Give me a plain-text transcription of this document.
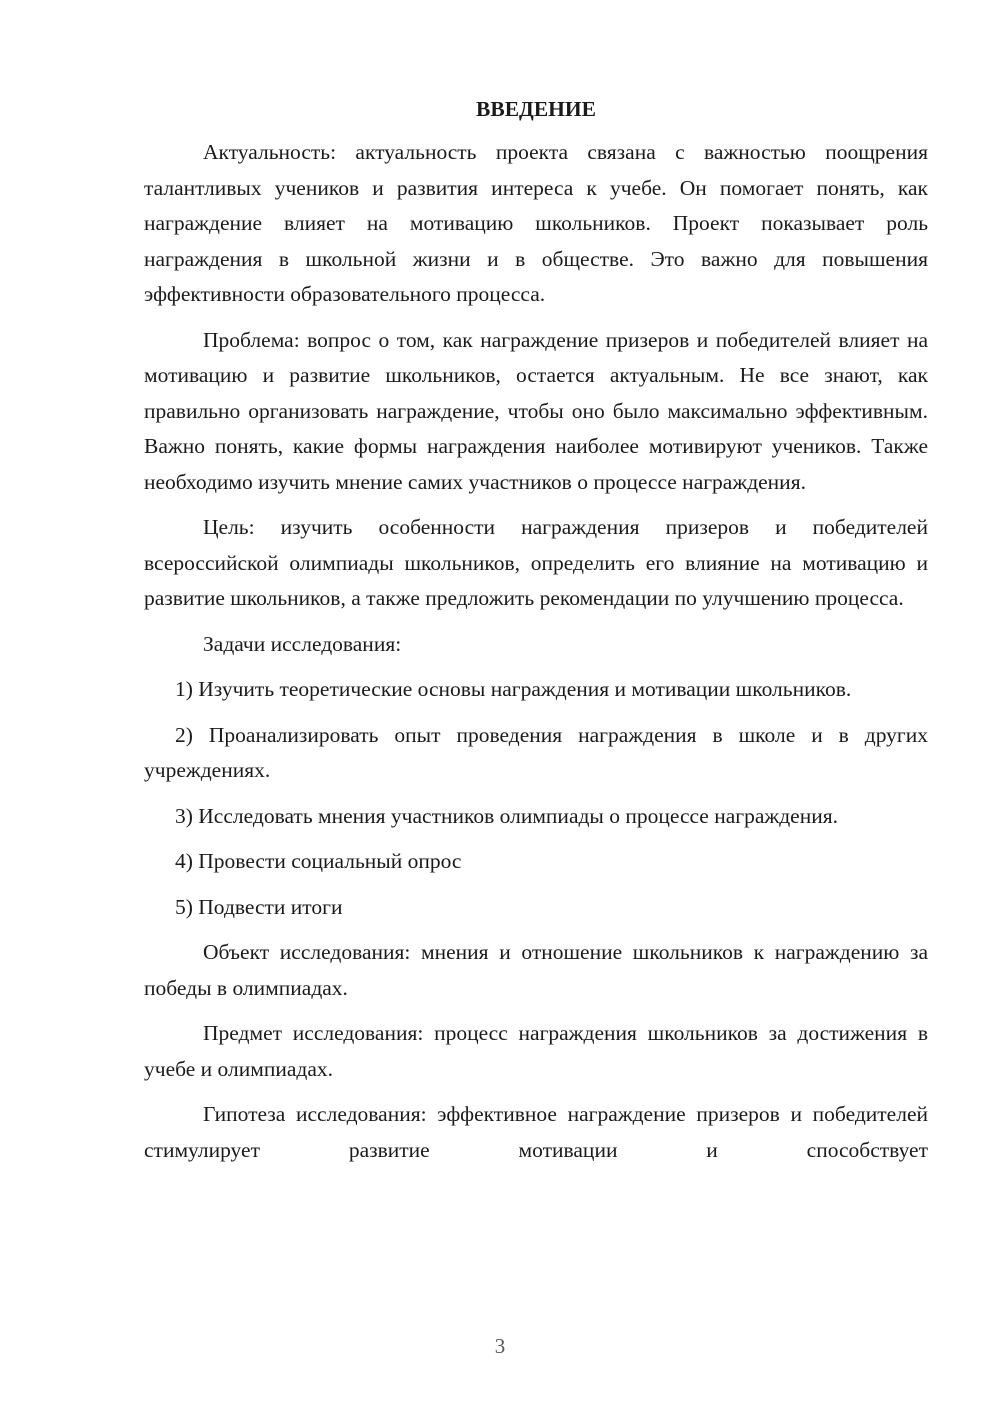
ВВЕДЕНИЕ

Актуальность: актуальность проекта связана с важностью поощрения талантливых учеников и развития интереса к учебе. Он помогает понять, как награждение влияет на мотивацию школьников. Проект показывает роль награждения в школьной жизни и в обществе. Это важно для повышения эффективности образовательного процесса.

Проблема: вопрос о том, как награждение призеров и победителей влияет на мотивацию и развитие школьников, остается актуальным. Не все знают, как правильно организовать награждение, чтобы оно было максимально эффективным. Важно понять, какие формы награждения наиболее мотивируют учеников. Также необходимо изучить мнение самих участников о процессе награждения.

Цель: изучить особенности награждения призеров и победителей всероссийской олимпиады школьников, определить его влияние на мотивацию и развитие школьников, а также предложить рекомендации по улучшению процесса.

Задачи исследования:

1) Изучить теоретические основы награждения и мотивации школьников.

2) Проанализировать опыт проведения награждения в школе и в других учреждениях.

3) Исследовать мнения участников олимпиады о процессе награждения.

4) Провести социальный опрос

5) Подвести итоги

Объект исследования: мнения и отношение школьников к награждению за победы в олимпиадах.

Предмет исследования: процесс награждения школьников за достижения в учебе и олимпиадах.

Гипотеза исследования: эффективное награждение призеров и победителей стимулирует развитие мотивации и способствует

3
